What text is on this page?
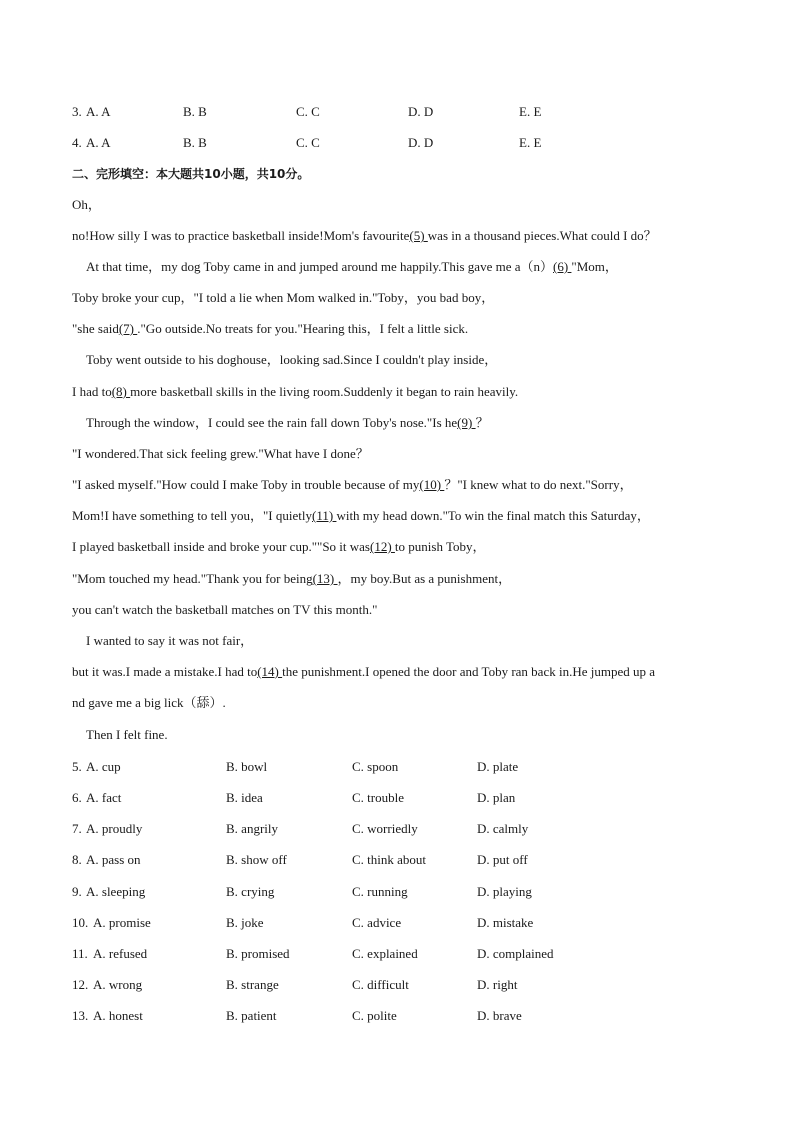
3. A. A	B. B	C. C	D. D	E. E
4. A. A	B. B	C. C	D. D	E. E
二、完形填空：本大题共10小题，共10分。
Oh，
no!How silly I was to practice basketball inside!Mom's favourite(5) was in a thousand pieces.What could I do？
At that time，my dog Toby came in and jumped around me happily.This gave me a（n）(6) "Mom，
Toby broke your cup，"I told a lie when Mom walked in."Toby，you bad boy，
"she said(7) ."Go outside.No treats for you."Hearing this，I felt a little sick.
Toby went outside to his doghouse，looking sad.Since I couldn't play inside，
I had to(8) more basketball skills in the living room.Suddenly it began to rain heavily.
Through the window，I could see the rain fall down Toby's nose."Is he(9) ？
"I wondered.That sick feeling grew."What have I done？
"I asked myself."How could I make Toby in trouble because of my(10) ？"I knew what to do next."Sorry，
Mom!I have something to tell you，"I quietly(11) with my head down."To win the final match this Saturday，
I played basketball inside and broke your cup.""So it was(12) to punish Toby，
"Mom touched my head."Thank you for being(13) ，my boy.But as a punishment，
you can't watch the basketball matches on TV this month."
I wanted to say it was not fair，
but it was.I made a mistake.I had to(14) the punishment.I opened the door and Toby ran back in.He jumped up a
nd gave me a big lick（舔）.
Then I felt fine.
5. A. cup	B. bowl	C. spoon	D. plate
6. A. fact	B. idea	C. trouble	D. plan
7. A. proudly	B. angrily	C. worriedly	D. calmly
8. A. pass on	B. show off	C. think about	D. put off
9. A. sleeping	B. crying	C. running	D. playing
10. A. promise	B. joke	C. advice	D. mistake
11. A. refused	B. promised	C. explained	D. complained
12. A. wrong	B. strange	C. difficult	D. right
13. A. honest	B. patient	C. polite	D. brave
